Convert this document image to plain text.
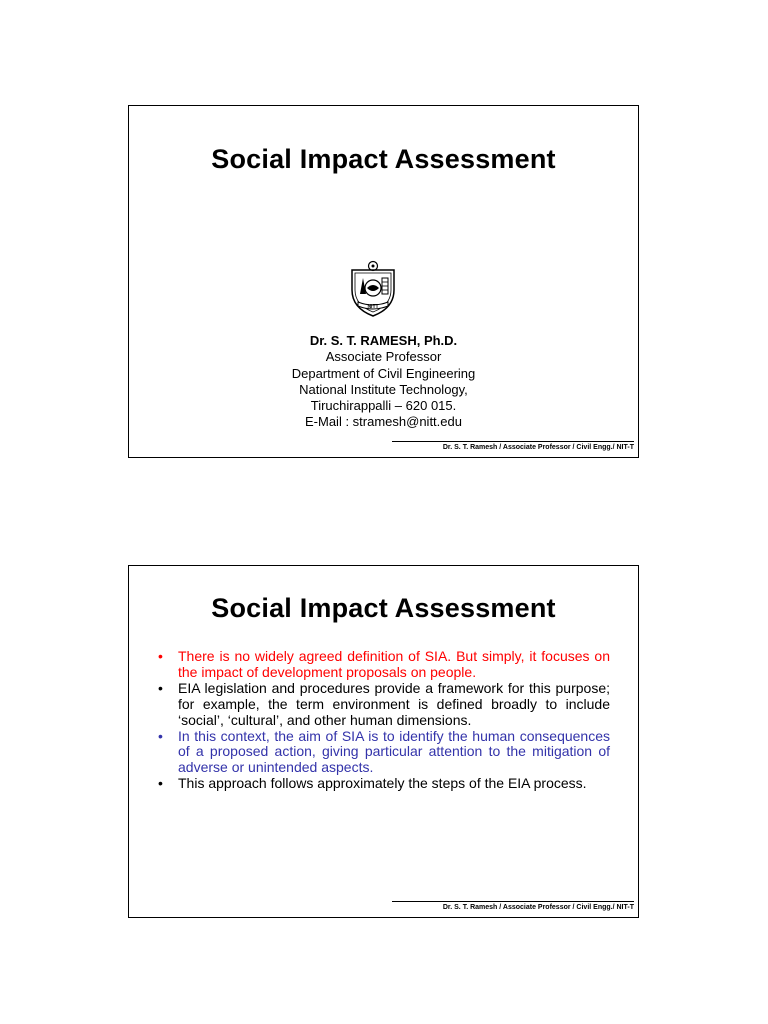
Social Impact Assessment
NITT
Dr. S. T. RAMESH, Ph.D.
Associate Professor
Department of Civil Engineering
National Institute Technology,
Tiruchirappalli – 620 015.
E-Mail : stramesh@nitt.edu
Dr. S. T. Ramesh / Associate Professor / Civil Engg./ NIT-T
Social Impact Assessment
• There is no widely agreed definition of SIA. But simply, it focuses on the impact of development proposals on people.
• EIA legislation and procedures provide a framework for this purpose; for example, the term environment is defined broadly to include ‘social’, ‘cultural’, and other human dimensions.
• In this context, the aim of SIA is to identify the human consequences of a proposed action, giving particular attention to the mitigation of adverse or unintended aspects.
• This approach follows approximately the steps of the EIA process.
Dr. S. T. Ramesh / Associate Professor / Civil Engg./ NIT-T
